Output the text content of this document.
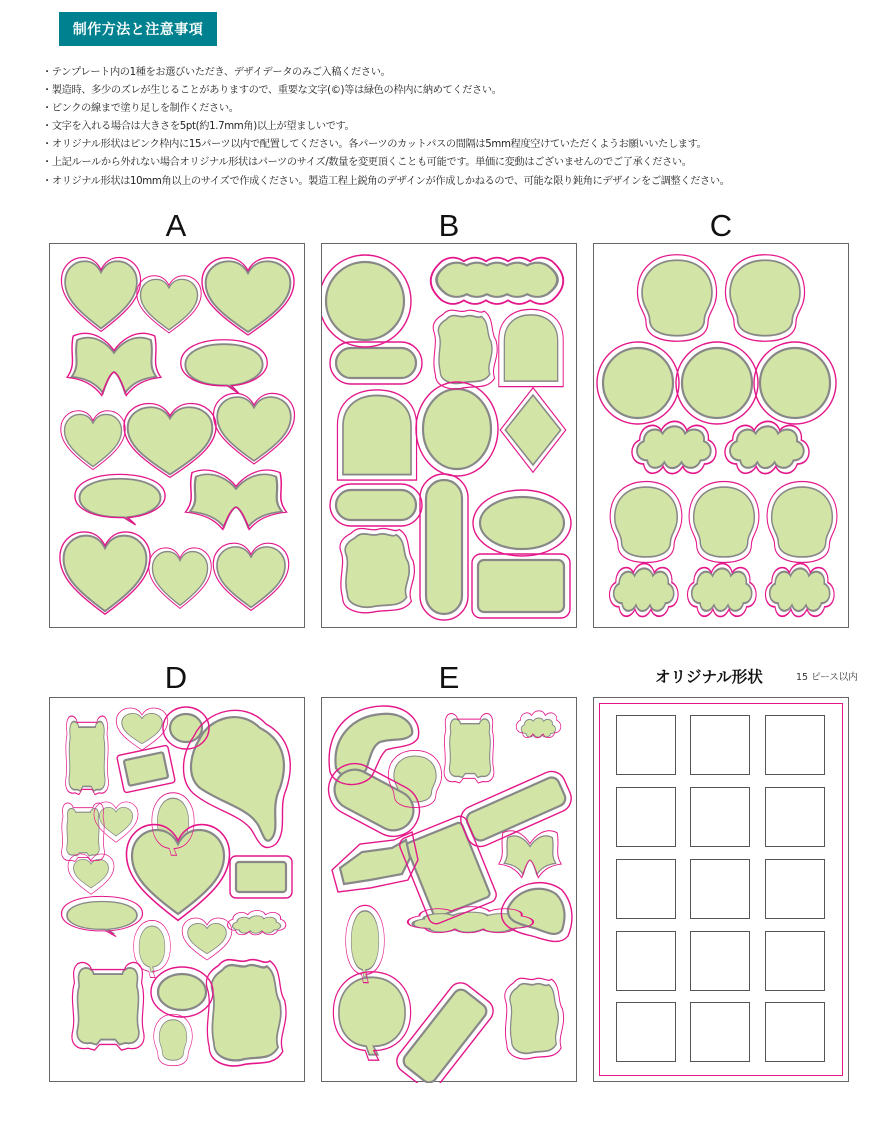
制作方法と注意事項
・テンプレート内の1種をお選びいただき、デザイデータのみご入稿ください。
・製造時、多少のズレが生じることがありますので、重要な文字(©)等は緑色の枠内に納めてください。
・ピンクの線まで塗り足しを制作ください。
・文字を入れる場合は大きさを5pt(約1.7mm角)以上が望ましいです。
・オリジナル形状はピンク枠内に15パーツ以内で配置してください。各パーツのカットパスの間隔は5mm程度空けていただくようお願いいたします。
・上記ルールから外れない場合オリジナル形状はパーツのサイズ/数量を変更頂くことも可能です。単価に変動はございませんのでご了承ください。
・オリジナル形状は10mm角以上のサイズで作成ください。製造工程上鋭角のデザインが作成しかねるので、可能な限り鈍角にデザインをご調整ください。
A	B	C
D	E	オリジナル形状	15 ピース以内
